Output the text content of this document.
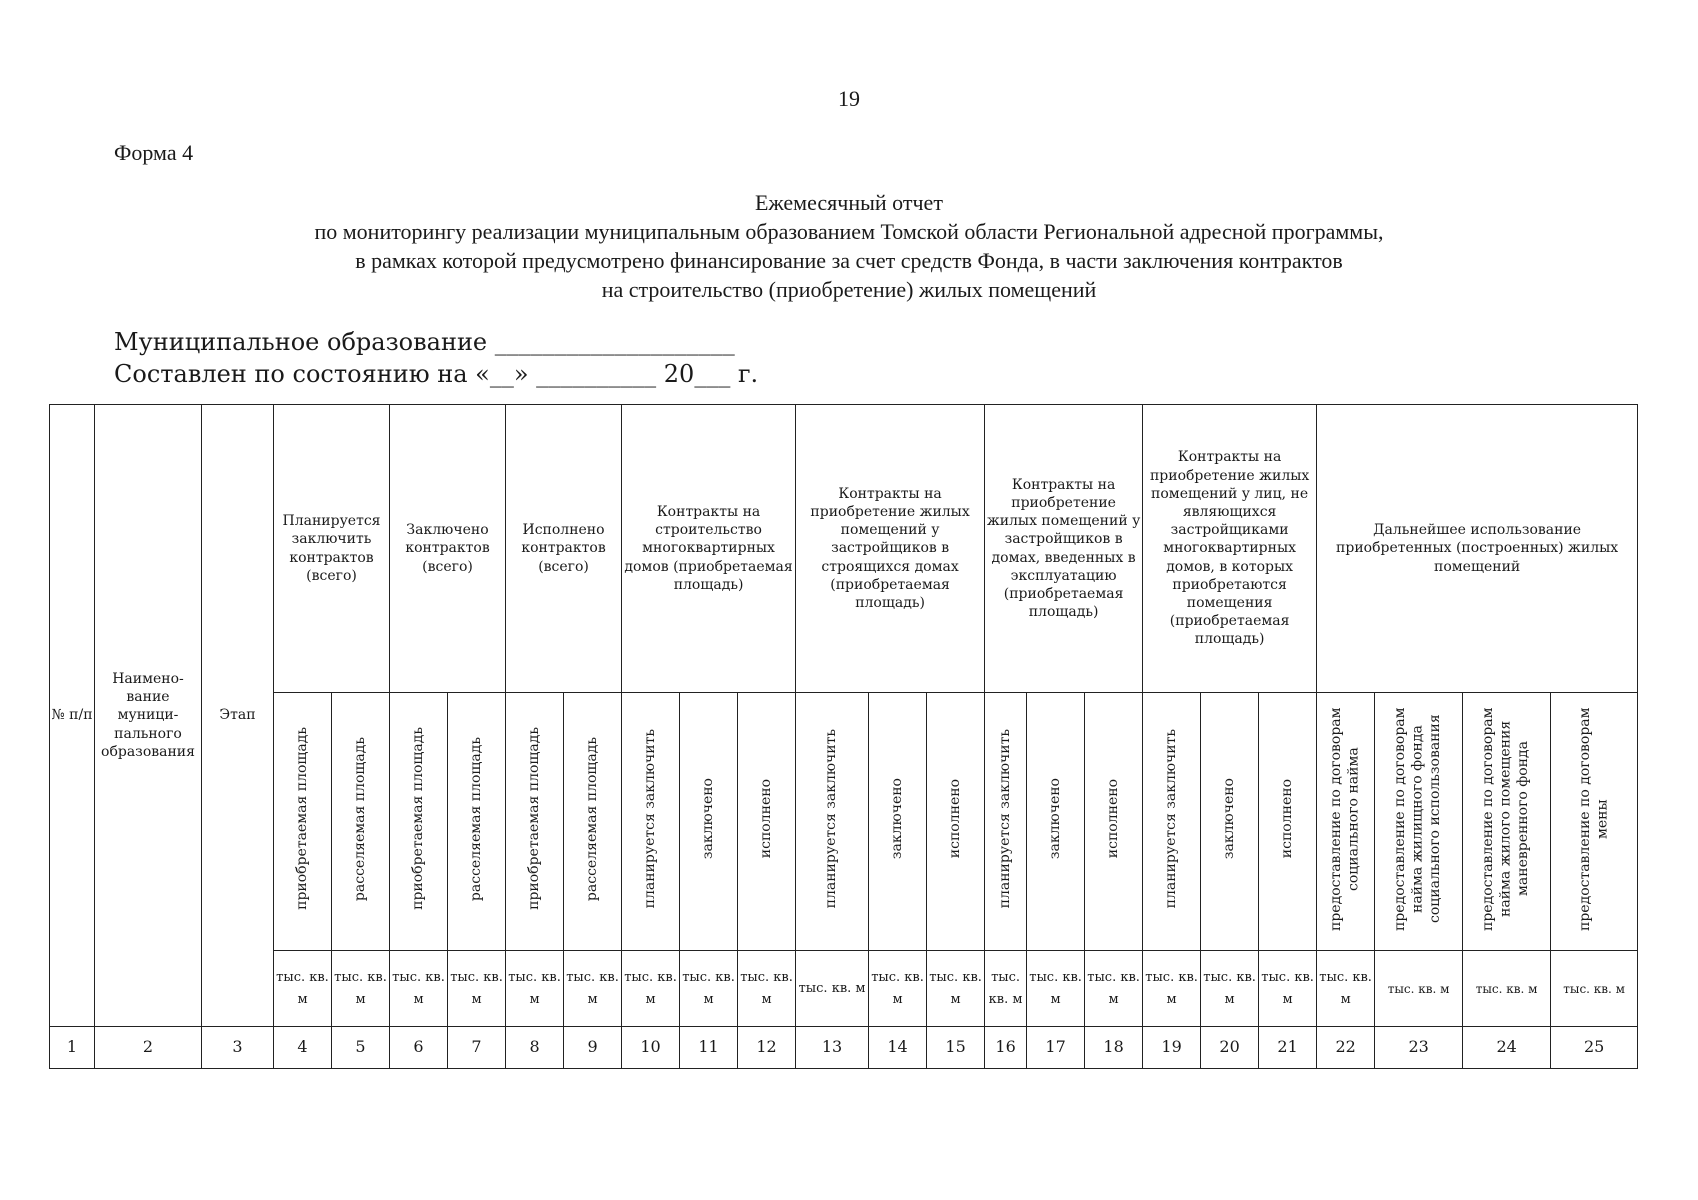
19
Форма 4
Ежемесячный отчет
по мониторингу реализации муниципальным образованием Томской области Региональной адресной программы,
в рамках которой предусмотрено финансирование за счет средств Фонда, в части заключения контрактов
на строительство (приобретение) жилых помещений
Муниципальное образование ____________________
Составлен по состоянию на «__» __________ 20___ г.
№ п/п	Наимено-вание муници-пального образования	Этап	Планируется заключить контрактов (всего)		Заключено контрактов (всего)		Исполнено контрактов (всего)		Контракты на строительство многоквартирных домов (приобретаемая площадь)			Контракты на приобретение жилых помещений у застройщиков в строящихся домах (приобретаемая площадь)			Контракты на приобретение жилых помещений у застройщиков в домах, введенных в эксплуатацию (приобретаемая площадь)			Контракты на приобретение жилых помещений у лиц, не являющихся застройщиками многоквартирных домов, в которых приобретаются помещения (приобретаемая площадь)			Дальнейшее использование приобретенных (построенных) жилых помещений			
			приобретаемая площадь	расселяемая площадь	приобретаемая площадь	расселяемая площадь	приобретаемая площадь	расселяемая площадь	планируется заключить	заключено	исполнено	планируется заключить	заключено	исполнено	планируется заключить	заключено	исполнено	планируется заключить	заключено	исполнено	предоставление по договорам социального найма	предоставление по договорам найма жилищного фонда социального использования	предоставление по договорам найма жилого помещения маневренного фонда	предоставление по договорам мены
			тыс. кв. м	тыс. кв. м	тыс. кв. м	тыс. кв. м	тыс. кв. м	тыс. кв. м	тыс. кв. м	тыс. кв. м	тыс. кв. м	тыс. кв. м	тыс. кв. м	тыс. кв. м	тыс. кв. м	тыс. кв. м	тыс. кв. м	тыс. кв. м	тыс. кв. м	тыс. кв. м	тыс. кв. м	тыс. кв. м	тыс. кв. м	тыс. кв. м
1	2	3	4	5	6	7	8	9	10	11	12	13	14	15	16	17	18	19	20	21	22	23	24	25
